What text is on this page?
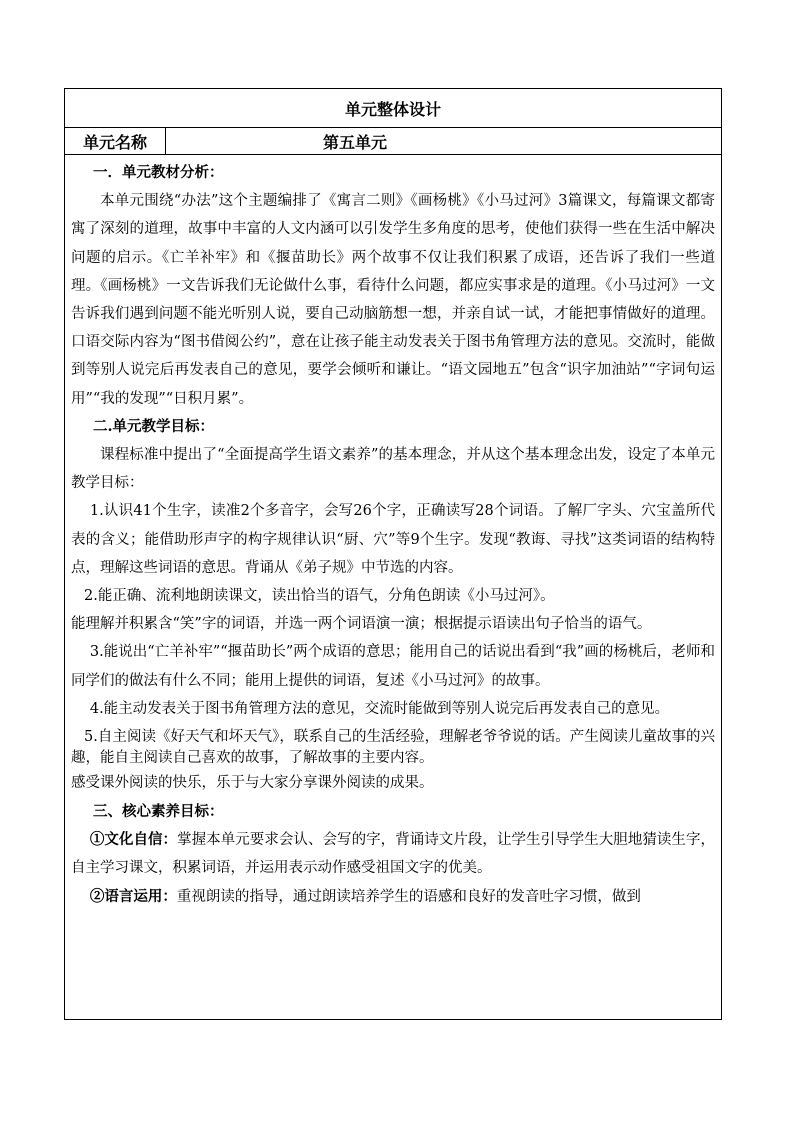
单元整体设计
单元名称	第五单元

一．单元教材分析：

本单元围绕“办法”这个主题编排了《寓言二则》《画杨桃》《小马过河》3篇课文，每篇课文都寄寓了深刻的道理，故事中丰富的人文内涵可以引发学生多角度的思考，使他们获得一些在生活中解决问题的启示。《亡羊补牢》和《揠苗助长》两个故事不仅让我们积累了成语，还告诉了我们一些道理。《画杨桃》一文告诉我们无论做什么事，看待什么问题，都应实事求是的道理。《小马过河》一文告诉我们遇到问题不能光听别人说，要自己动脑筋想一想，并亲自试一试，才能把事情做好的道理。口语交际内容为“图书借阅公约”，意在让孩子能主动发表关于图书角管理方法的意见。交流时，能做到等别人说完后再发表自己的意见，要学会倾听和谦让。“语文园地五”包含“识字加油站”“字词句运用”“我的发现”“日积月累”。

二.单元教学目标：

课程标准中提出了“全面提高学生语文素养”的基本理念，并从这个基本理念出发，设定了本单元教学目标：

1.认识41个生字，读准2个多音字，会写26个字，正确读写28个词语。了解厂字头、穴宝盖所代表的含义；能借助形声字的构字规律认识“厨、穴”等9个生字。发现“教诲、寻找”这类词语的结构特点，理解这些词语的意思。背诵从《弟子规》中节选的内容。

2.能正确、流利地朗读课文，读出恰当的语气，分角色朗读《小马过河》。

能理解并积累含“笑”字的词语，并选一两个词语演一演；根据提示语读出句子恰当的语气。

3.能说出“亡羊补牢”“揠苗助长”两个成语的意思；能用自己的话说出看到“我”画的杨桃后，老师和同学们的做法有什么不同；能用上提供的词语，复述《小马过河》的故事。

4.能主动发表关于图书角管理方法的意见，交流时能做到等别人说完后再发表自己的意见。

5.自主阅读《好天气和坏天气》，联系自己的生活经验，理解老爷爷说的话。产生阅读儿童故事的兴趣，能自主阅读自己喜欢的故事，了解故事的主要内容。

感受课外阅读的快乐，乐于与大家分享课外阅读的成果。

三、核心素养目标：

①文化自信：掌握本单元要求会认、会写的字，背诵诗文片段，让学生引导学生大胆地猜读生字，自主学习课文，积累词语，并运用表示动作感受祖国文字的优美。

②语言运用：重视朗读的指导，通过朗读培养学生的语感和良好的发音吐字习惯，做到
